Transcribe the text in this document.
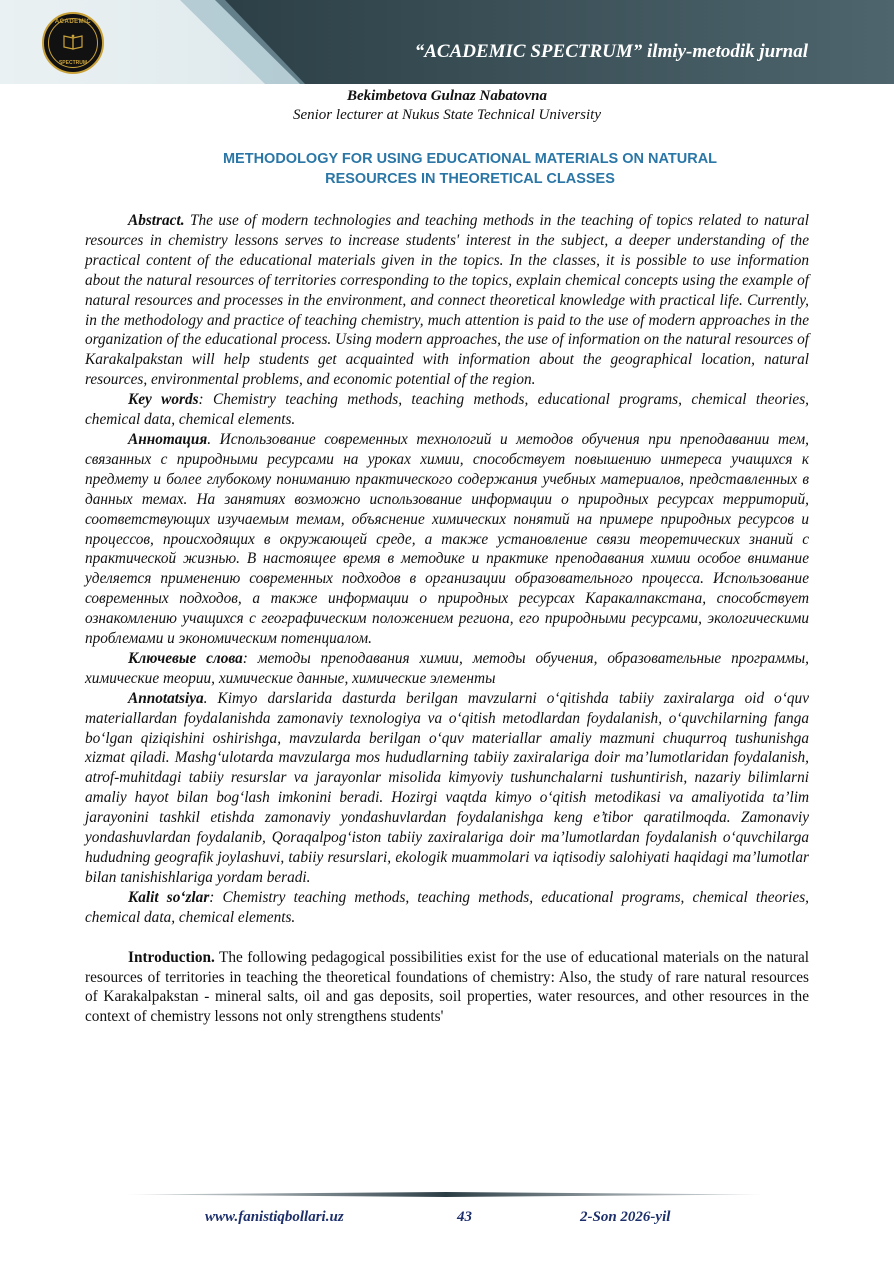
ACADEMIC
SPECTRUM
“ACADEMIC SPECTRUM” ilmiy-metodik jurnal
Bekimbetova Gulnaz Nabatovna
Senior lecturer at Nukus State Technical University
METHODOLOGY FOR USING EDUCATIONAL MATERIALS ON NATURAL
RESOURCES IN THEORETICAL CLASSES

Abstract. The use of modern technologies and teaching methods in the teaching of topics related to natural resources in chemistry lessons serves to increase students' interest in the subject, a deeper understanding of the practical content of the educational materials given in the topics. In the classes, it is possible to use information about the natural resources of territories corresponding to the topics, explain chemical concepts using the example of natural resources and processes in the environment, and connect theoretical knowledge with practical life. Currently, in the methodology and practice of teaching chemistry, much attention is paid to the use of modern approaches in the organization of the educational process. Using modern approaches, the use of information on the natural resources of Karakalpakstan will help students get acquainted with information about the geographical location, natural resources, environmental problems, and economic potential of the region.

Key words: Chemistry teaching methods, teaching methods, educational programs, chemical theories, chemical data, chemical elements.

Аннотация. Использование современных технологий и методов обучения при преподавании тем, связанных с природными ресурсами на уроках химии, способствует повышению интереса учащихся к предмету и более глубокому пониманию практического содержания учебных материалов, представленных в данных темах. На занятиях возможно использование информации о природных ресурсах территорий, соответствующих изучаемым темам, объяснение химических понятий на примере природных ресурсов и процессов, происходящих в окружающей среде, а также установление связи теоретических знаний с практической жизнью. В настоящее время в методике и практике преподавания химии особое внимание уделяется применению современных подходов в организации образовательного процесса. Использование современных подходов, а также информации о природных ресурсах Каракалпакстана, способствует ознакомлению учащихся с географическим положением региона, его природными ресурсами, экологическими проблемами и экономическим потенциалом.

Ключевые слова: методы преподавания химии, методы обучения, образовательные программы, химические теории, химические данные, химические элементы

Annotatsiya. Kimyo darslarida dasturda berilgan mavzularni o‘qitishda tabiiy zaxiralarga oid o‘quv materiallardan foydalanishda zamonaviy texnologiya va o‘qitish metodlardan foydalanish, o‘quvchilarning fanga bo‘lgan qiziqishini oshirishga, mavzularda berilgan o‘quv materiallar amaliy mazmuni chuqurroq tushunishga xizmat qiladi. Mashg‘ulotarda mavzularga mos hududlarning tabiiy zaxiralariga doir ma’lumotlaridan foydalanish, atrof-muhitdagi tabiiy resurslar va jarayonlar misolida kimyoviy tushunchalarni tushuntirish, nazariy bilimlarni amaliy hayot bilan bog‘lash imkonini beradi. Hozirgi vaqtda kimyo o‘qitish metodikasi va amaliyotida ta’lim jarayonini tashkil etishda zamonaviy yondashuvlardan foydalanishga keng e’tibor qaratilmoqda. Zamonaviy yondashuvlardan foydalanib, Qoraqalpog‘iston tabiiy zaxiralariga doir ma’lumotlardan foydalanish o‘quvchilarga hududning geografik joylashuvi, tabiiy resurslari, ekologik muammolari va iqtisodiy salohiyati haqidagi ma’lumotlar bilan tanishishlariga yordam beradi.

Kalit so‘zlar: Chemistry teaching methods, teaching methods, educational programs, chemical theories, chemical data, chemical elements.

Introduction. The following pedagogical possibilities exist for the use of educational materials on the natural resources of territories in teaching the theoretical foundations of chemistry: Also, the study of rare natural resources of Karakalpakstan - mineral salts, oil and gas deposits, soil properties, water resources, and other resources in the context of chemistry lessons not only strengthens students'

www.fanistiqbollari.uz	43	2-Son 2026-yil
